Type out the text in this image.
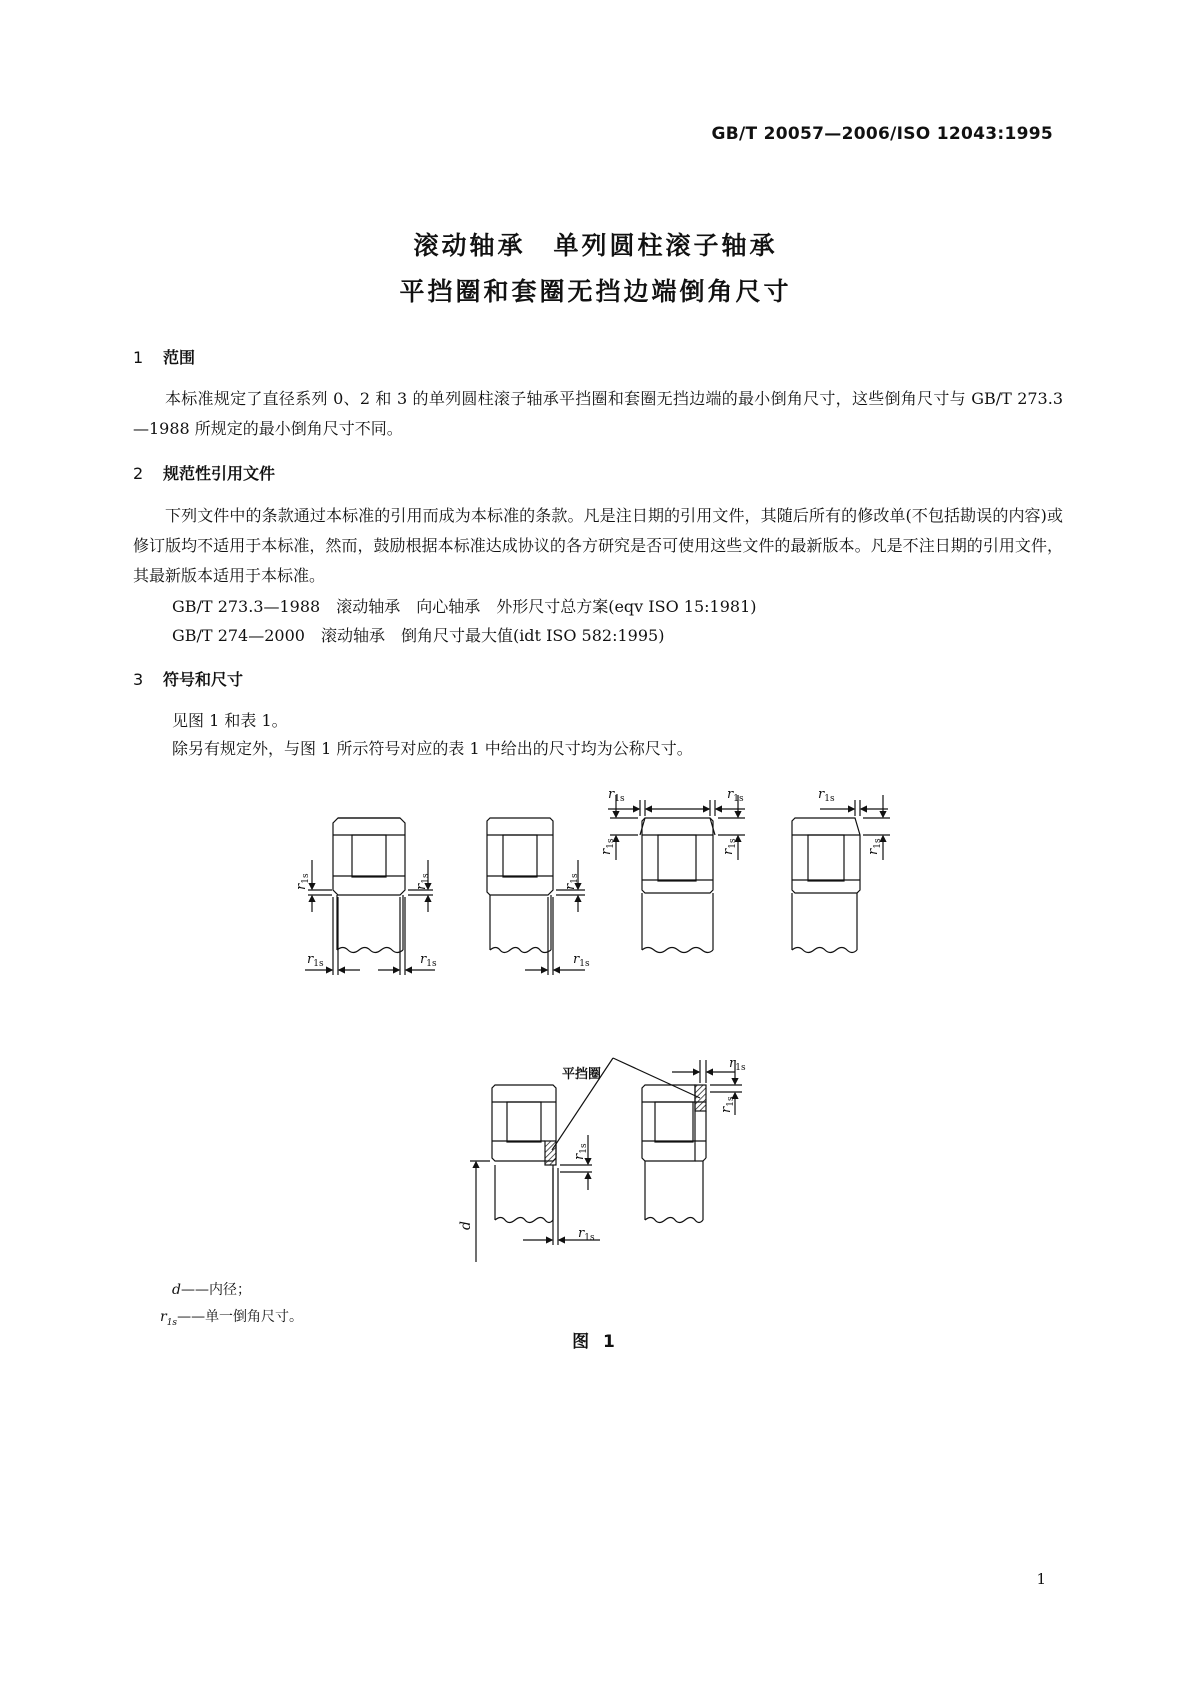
GB/T 20057—2006/ISO 12043:1995
滚动轴承　单列圆柱滚子轴承
平挡圈和套圈无挡边端倒角尺寸
1 范围
本标准规定了直径系列 0、2 和 3 的单列圆柱滚子轴承平挡圈和套圈无挡边端的最小倒角尺寸，这些倒角尺寸与 GB/T 273.3—1988 所规定的最小倒角尺寸不同。
2 规范性引用文件
下列文件中的条款通过本标准的引用而成为本标准的条款。凡是注日期的引用文件，其随后所有的修改单(不包括勘误的内容)或修订版均不适用于本标准，然而，鼓励根据本标准达成协议的各方研究是否可使用这些文件的最新版本。凡是不注日期的引用文件，其最新版本适用于本标准。
GB/T 273.3—1988　滚动轴承　向心轴承　外形尺寸总方案(eqv ISO 15:1981)
GB/T 274—2000　滚动轴承　倒角尺寸最大值(idt ISO 582:1995)
3 符号和尺寸
见图 1 和表 1。
除另有规定外，与图 1 所示符号对应的表 1 中给出的尺寸均为公称尺寸。
$r_{1s}$
$r_{1s}$
$r_{1s}$	$r_{1s}$
$r_{1s}$
$r_{1s}$
$r_{1s}$	$r_{1s}$
$r_{1s}$
$r_{1s}$
$r_{1s}$
$r_{1s}$
$r_{1s}$
$r_{1s}$
$r_{1s}$
$r_{1s}$
d
平挡圈
d——内径；
$r_{1s}——$单一倒角尺寸。
图 1
1
